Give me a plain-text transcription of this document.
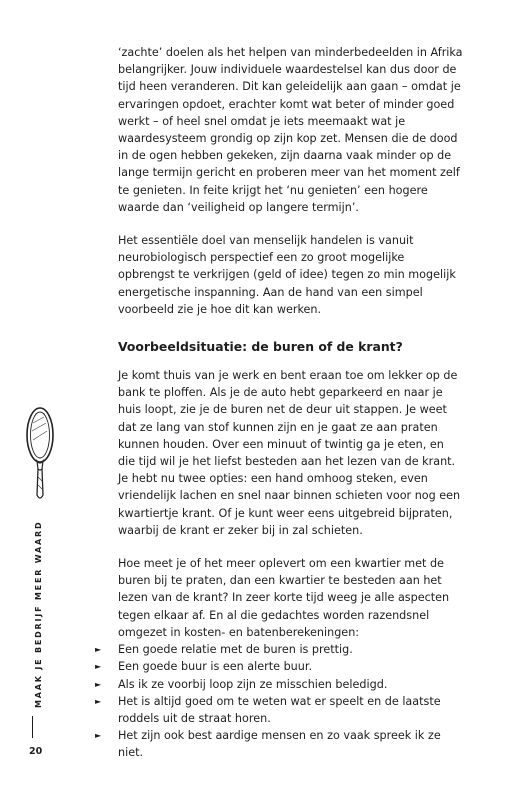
‘zachte’ doelen als het helpen van minderbedeelden in Afrika belangrijker. Jouw individuele waardestelsel kan dus door de tijd heen veranderen. Dit kan geleidelijk aan gaan – omdat je ervaringen opdoet, erachter komt wat beter of minder goed werkt – of heel snel omdat je iets meemaakt wat je waardesysteem grondig op zijn kop zet. Mensen die de dood in de ogen hebben gekeken, zijn daarna vaak minder op de lange termijn gericht en proberen meer van het moment zelf te genieten. In feite krijgt het ‘nu genieten’ een hogere waarde dan ‘veiligheid op langere termijn’.

Het essentiële doel van menselijk handelen is vanuit neurobiologisch perspectief een zo groot mogelijke opbrengst te verkrijgen (geld of idee) tegen zo min mogelijk energetische inspanning. Aan de hand van een simpel voorbeeld zie je hoe dit kan werken.

Voorbeeldsituatie: de buren of de krant?

Je komt thuis van je werk en bent eraan toe om lekker op de bank te ploffen. Als je de auto hebt geparkeerd en naar je huis loopt, zie je de buren net de deur uit stappen. Je weet dat ze lang van stof kunnen zijn en je gaat ze aan praten kunnen houden. Over een minuut of twintig ga je eten, en die tijd wil je het liefst besteden aan het lezen van de krant. Je hebt nu twee opties: een hand omhoog steken, even vriendelijk lachen en snel naar binnen schieten voor nog een kwartiertje krant. Of je kunt weer eens uitgebreid bijpraten, waarbij de krant er zeker bij in zal schieten.

Hoe meet je of het meer oplevert om een kwartier met de buren bij te praten, dan een kwartier te besteden aan het lezen van de krant? In zeer korte tijd weeg je alle aspecten tegen elkaar af. En al die gedachtes worden razendsnel omgezet in kosten- en batenberekeningen:

► Een goede relatie met de buren is prettig.
► Een goede buur is een alerte buur.
► Als ik ze voorbij loop zijn ze misschien beledigd.
► Het is altijd goed om te weten wat er speelt en de laatste roddels uit de straat horen.
► Het zijn ook best aardige mensen en zo vaak spreek ik ze niet.
MAAK JE BEDRIJF MEER WAARD
20
